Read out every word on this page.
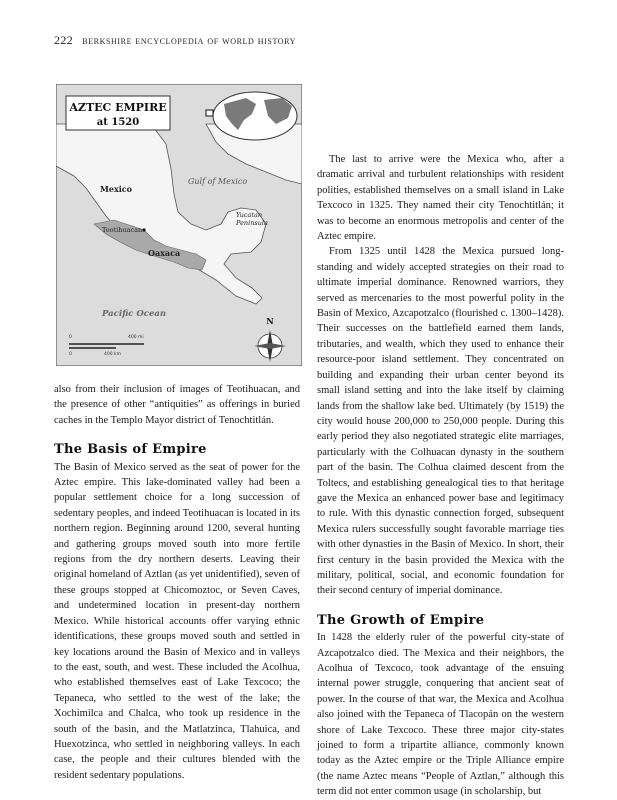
222 berkshire encyclopedia of world history
AZTEC EMPIRE
at 1520
Mexico
Gulf of Mexico
Yucatan
Peninsula
Teotihuacan
Oaxaca
Pacific Ocean
N
0	400 mi
0	400 km

also from their inclusion of images of Teotihuacan, and the presence of other “antiquities” as offerings in buried caches in the Templo Mayor district of Tenochtitlán.

The Basis of Empire

The Basin of Mexico served as the seat of power for the Aztec empire. This lake-dominated valley had been a popular settlement choice for a long succession of sedentary peoples, and indeed Teotihuacan is located in its northern region. Beginning around 1200, several hunting and gathering groups moved south into more fertile regions from the dry northern deserts. Leaving their original homeland of Aztlan (as yet unidentified), seven of these groups stopped at Chicomoztoc, or Seven Caves, and undetermined location in present-day northern Mexico. While historical accounts offer varying ethnic identifications, these groups moved south and settled in key locations around the Basin of Mexico and in valleys to the east, south, and west. These included the Acolhua, who established themselves east of Lake Texcoco; the Tepaneca, who settled to the west of the lake; the Xochimilca and Chalca, who took up residence in the south of the basin, and the Matlatzinca, Tlahuica, and Huexotzinca, who settled in neighboring valleys. In each case, the people and their cultures blended with the resident sedentary populations.

The last to arrive were the Mexica who, after a dramatic arrival and turbulent relationships with resident polities, established themselves on a small island in Lake Texcoco in 1325. They named their city Tenochtitlán; it was to become an enormous metropolis and center of the Aztec empire.

From 1325 until 1428 the Mexica pursued long-standing and widely accepted strategies on their road to ultimate imperial dominance. Renowned warriors, they served as mercenaries to the most powerful polity in the Basin of Mexico, Azcapotzalco (flourished c. 1300–1428). Their successes on the battlefield earned them lands, tributaries, and wealth, which they used to enhance their resource-poor island settlement. They concentrated on building and expanding their urban center beyond its small island setting and into the lake itself by claiming lands from the shallow lake bed. Ultimately (by 1519) the city would house 200,000 to 250,000 people. During this early period they also negotiated strategic elite marriages, particularly with the Colhuacan dynasty in the southern part of the basin. The Colhua claimed descent from the Toltecs, and establishing genealogical ties to that heritage gave the Mexica an enhanced power base and legitimacy to rule. With this dynastic connection forged, subsequent Mexica rulers successfully sought favorable marriage ties with other dynasties in the Basin of Mexico. In short, their first century in the basin provided the Mexica with the military, political, social, and economic foundation for their second century of imperial dominance.

The Growth of Empire

In 1428 the elderly ruler of the powerful city-state of Azcapotzalco died. The Mexica and their neighbors, the Acolhua of Texcoco, took advantage of the ensuing internal power struggle, conquering that ancient seat of power. In the course of that war, the Mexica and Acolhua also joined with the Tepaneca of Tlacopán on the western shore of Lake Texcoco. These three major city-states joined to form a tripartite alliance, commonly known today as the Aztec empire or the Triple Alliance empire (the name Aztec means “People of Aztlan,” although this term did not enter common usage (in scholarship, but
